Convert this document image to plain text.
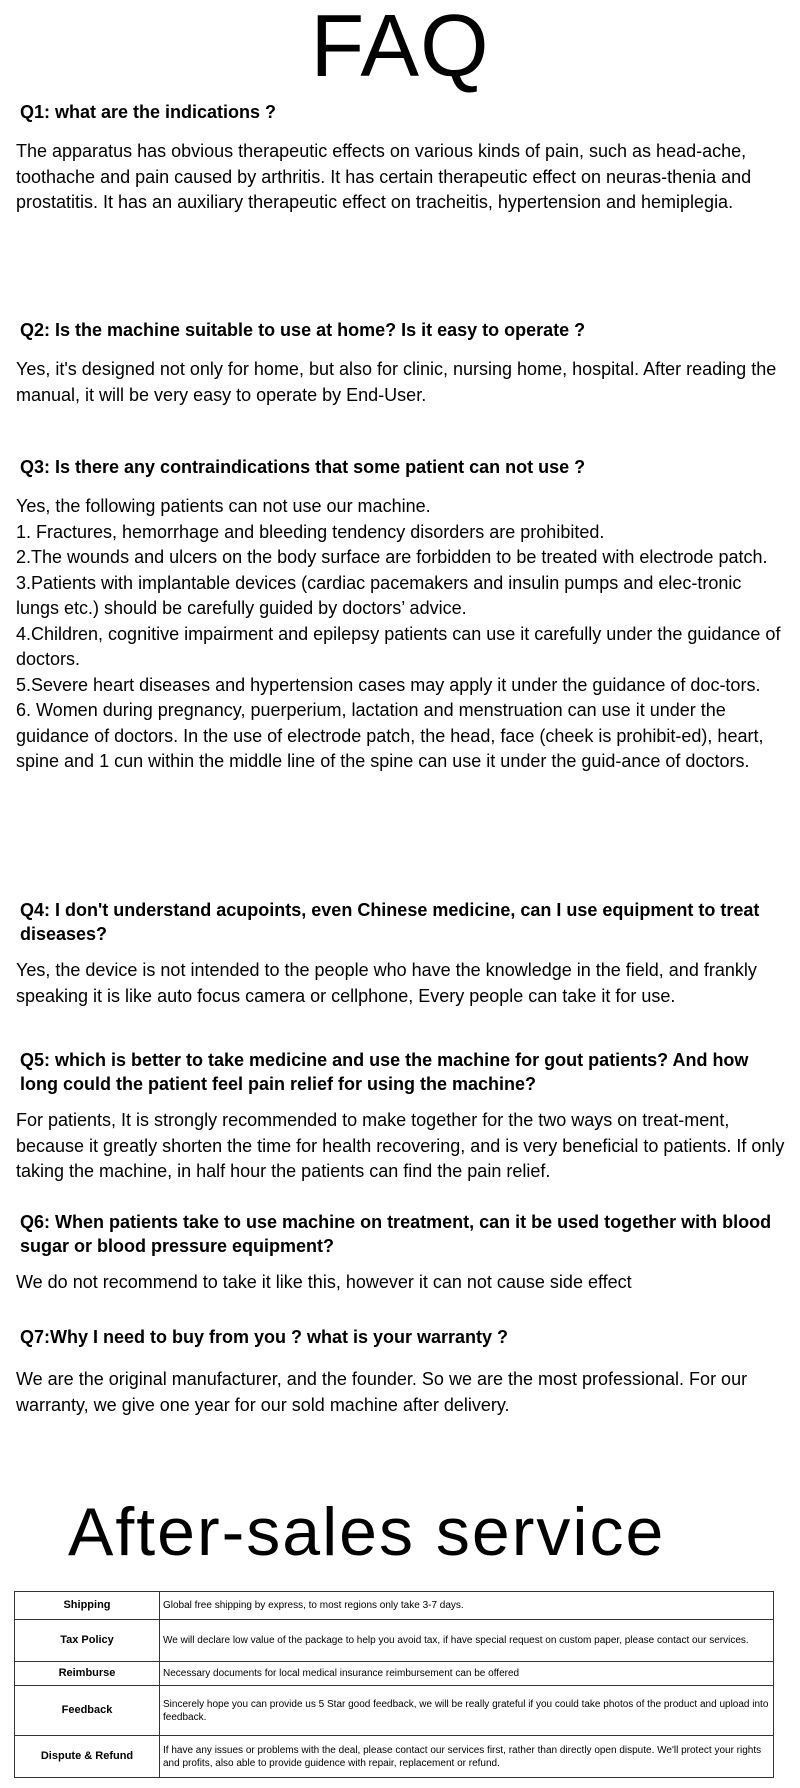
FAQ
Q1: what are the indications ?

The apparatus has obvious therapeutic effects on various kinds of pain, such as head-ache, toothache and pain caused by arthritis. It has certain therapeutic effect on neuras-thenia and prostatitis. It has an auxiliary therapeutic effect on tracheitis, hypertension and hemiplegia.

Q2: Is the machine suitable to use at home? Is it easy to operate ?

Yes, it's designed not only for home, but also for clinic, nursing home, hospital. After reading the manual, it will be very easy to operate by End-User.

Q3: Is there any contraindications that some patient can not use ?

Yes, the following patients can not use our machine.

1. Fractures, hemorrhage and bleeding tendency disorders are prohibited.

2.The wounds and ulcers on the body surface are forbidden to be treated with electrode patch.

3.Patients with implantable devices (cardiac pacemakers and insulin pumps and elec-tronic lungs etc.) should be carefully guided by doctors’ advice.

4.Children, cognitive impairment and epilepsy patients can use it carefully under the guidance of doctors.

5.Severe heart diseases and hypertension cases may apply it under the guidance of doc-tors.

6. Women during pregnancy, puerperium, lactation and menstruation can use it under the guidance of doctors. In the use of electrode patch, the head, face (cheek is prohibit-ed), heart, spine and 1 cun within the middle line of the spine can use it under the guid-ance of doctors.

Q4: I don't understand acupoints, even Chinese medicine, can I use equipment to treat diseases?

Yes, the device is not intended to the people who have the knowledge in the field, and frankly speaking it is like auto focus camera or cellphone, Every people can take it for use.

Q5: which is better to take medicine and use the machine for gout patients? And how long could the patient feel pain relief for using the machine?

For patients, It is strongly recommended to make together for the two ways on treat-ment, because it greatly shorten the time for health recovering, and is very beneficial to patients. If only taking the machine, in half hour the patients can find the pain relief.

Q6: When patients take to use machine on treatment, can it be used together with blood sugar or blood pressure equipment?

We do not recommend to take it like this, however it can not cause side effect

Q7:Why I need to buy from you ? what is your warranty ?

We are the original manufacturer, and the founder. So we are the most professional. For our warranty, we give one year for our sold machine after delivery.

After-sales service
Shipping	Global free shipping by express, to most regions only take 3-7 days.
Tax Policy	We will declare low value of the package to help you avoid tax, if have special request on custom paper, please contact our services.
Reimburse	Necessary documents for local medical insurance reimbursement can be offered
Feedback	Sincerely hope you can provide us 5 Star good feedback, we will be really grateful if you could take photos of the product and upload into feedback.
Dispute & Refund	If have any issues or problems with the deal, please contact our services first, rather than directly open dispute. We'll protect your rights and profits, also able to provide guidence with repair, replacement or refund.
